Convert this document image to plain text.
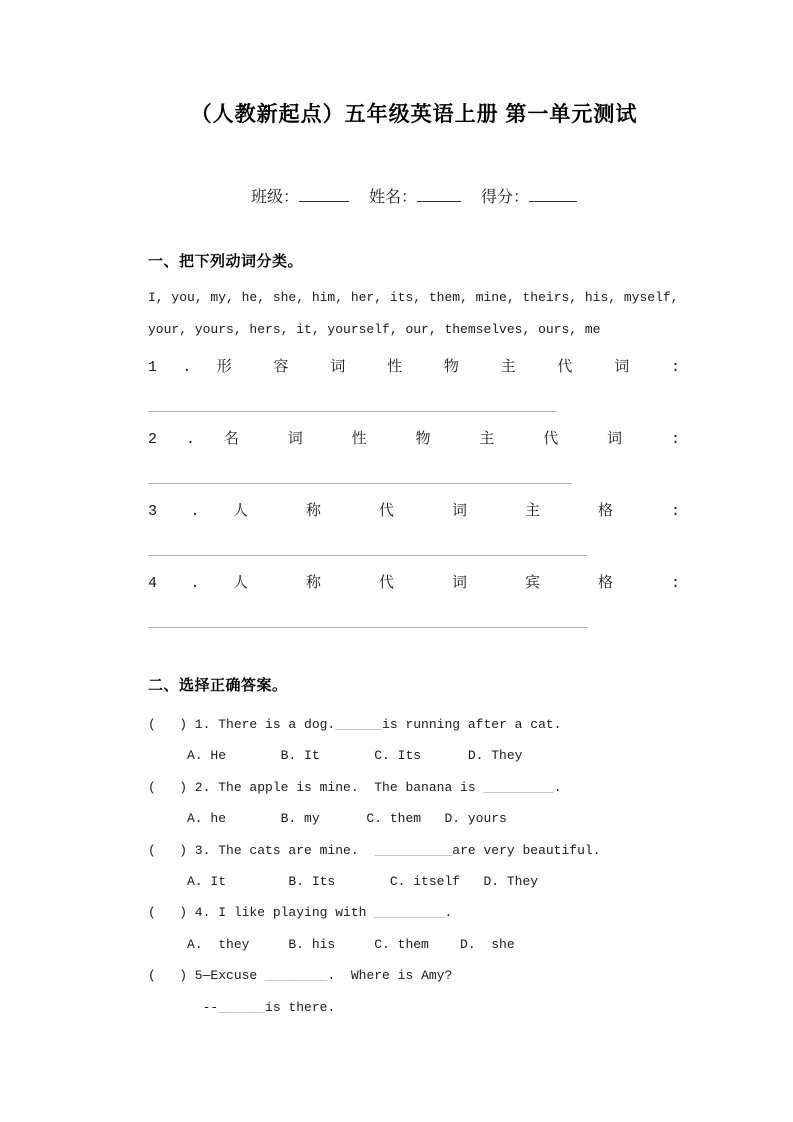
（人教新起点）五年级英语上册 第一单元测试
班级：	姓名：	得分：
一、把下列动词分类。
I, you, my, he, she, him, her, its, them, mine, theirs, his, myself,
your, yours, hers, it, yourself, our, themselves, ours, me
1 . 形 容 词 性 物 主 代 词 :
2 . 名 词 性 物 主 代 词 :
3 . 人 称 代 词 主 格 :
4 . 人 称 代 词 宾 格 :
二、选择正确答案。
(   ) 1. There is a dog.______is running after a cat.
A. He       B. It       C. Its      D. They
(   ) 2. The apple is mine.  The banana is _________.
A. he       B. my      C. them   D. yours
(   ) 3. The cats are mine.  __________are very beautiful.
A. It        B. Its       C. itself   D. They
(   ) 4. I like playing with _________.
A.  they     B. his     C. them    D.  she
(   ) 5—Excuse ________.  Where is Amy?
--______is there.
